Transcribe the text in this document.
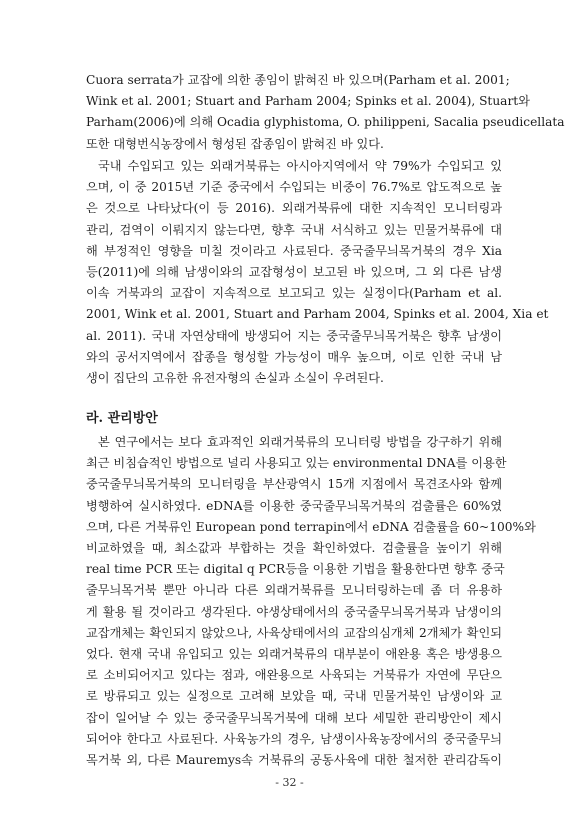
Cuora serrata가 교잡에 의한 종임이 밝혀진 바 있으며(Parham et al. 2001;
Wink et al. 2001; Stuart and Parham 2004; Spinks et al. 2004), Stuart와
Parham(2006)에 의해 Ocadia glyphistoma, O. philippeni, Sacalia pseudicellata
또한 대형번식농장에서 형성된 잡종임이 밝혀진 바 있다.
국내 수입되고 있는 외래거북류는 아시아지역에서 약 79%가 수입되고 있
으며, 이 중 2015년 기준 중국에서 수입되는 비중이 76.7%로 압도적으로 높
은 것으로 나타났다(이 등 2016). 외래거북류에 대한 지속적인 모니터링과
관리, 검역이 이뤄지지 않는다면, 향후 국내 서식하고 있는 민물거북류에 대
해 부정적인 영향을 미칠 것이라고 사료된다. 중국줄무늬목거북의 경우 Xia
등(2011)에 의해 남생이와의 교잡형성이 보고된 바 있으며, 그 외 다른 남생
이속 거북과의 교잡이 지속적으로 보고되고 있는 실정이다(Parham et al.
2001, Wink et al. 2001, Stuart and Parham 2004, Spinks et al. 2004, Xia et
al. 2011). 국내 자연상태에 방생되어 지는 중국줄무늬목거북은 향후 남생이
와의 공서지역에서 잡종을 형성할 가능성이 매우 높으며, 이로 인한 국내 남
생이 집단의 고유한 유전자형의 손실과 소실이 우려된다.
본 연구에서는 보다 효과적인 외래거북류의 모니터링 방법을 강구하기 위해
최근 비침습적인 방법으로 널리 사용되고 있는 environmental DNA를 이용한
중국줄무늬목거북의 모니터링을 부산광역시 15개 지점에서 목견조사와 함께
병행하여 실시하였다. eDNA를 이용한 중국줄무늬목거북의 검출률은 60%였
으며, 다른 거북류인 European pond terrapin에서 eDNA 검출률을 60~100%와
비교하였을 때, 최소값과 부합하는 것을 확인하였다. 검출률을 높이기 위해
real time PCR 또는 digital q PCR등을 이용한 기법을 활용한다면 향후 중국
줄무늬목거북 뿐만 아니라 다른 외래거북류를 모니터링하는데 좀 더 유용하
게 활용 될 것이라고 생각된다. 야생상태에서의 중국줄무늬목거북과 남생이의
교잡개체는 확인되지 않았으나, 사육상태에서의 교잡의심개체 2개체가 확인되
었다. 현재 국내 유입되고 있는 외래거북류의 대부분이 애완용 혹은 방생용으
로 소비되어지고 있다는 점과, 애완용으로 사육되는 거북류가 자연에 무단으
로 방류되고 있는 실정으로 고려해 보았을 때, 국내 민물거북인 남생이와 교
잡이 일어날 수 있는 중국줄무늬목거북에 대해 보다 세밀한 관리방안이 제시
되어야 한다고 사료된다. 사육농가의 경우, 남생이사육농장에서의 중국줄무늬
목거북 외, 다른 Mauremys속 거북류의 공동사육에 대한 철저한 관리감독이
라. 관리방안
- 32 -
